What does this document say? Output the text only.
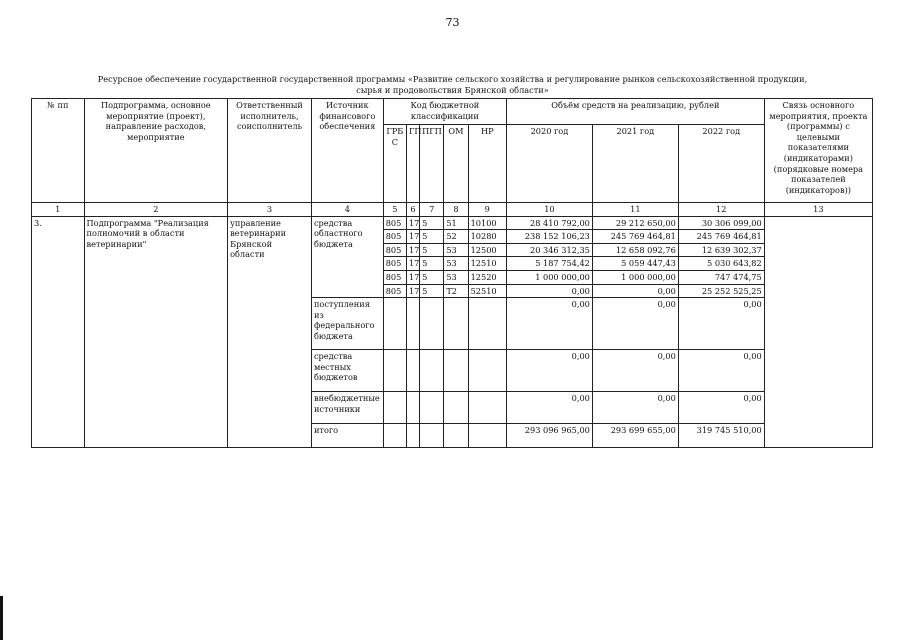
73
Ресурсное обеспечение государственной государственной программы «Развитие сельского хозяйства и регулирование рынков сельскохозяйственной продукции,
сырья и продовольствия Брянской области»
№ пп	Подпрограмма, основное мероприятие (проект), направление расходов, мероприятие	Ответственный исполнитель, соисполнитель	Источник финансового обеспечения	Код бюджетной классификации					Объём средств на реализацию, рублей			Связь основного мероприятия, проекта (программы) с целевыми показателями (индикаторами) (порядковые номера показателей (индикаторов))
				ГРБ С	ГП	ПГП	ОМ	НР	2020 год	2021 год	2022 год	
1	2	3	4	5	6	7	8	9	10	11	12	13
3.	Подпрограмма "Реализация полномочий в области ветеринарии"	управление ветеринарии Брянской области	средства областного бюджета	805	17	5	51	10100	28 410 792,00	29 212 650,00	30 306 099,00	
				805	17	5	52	10280	238 152 106,23	245 769 464,81	245 769 464,81	
				805	17	5	53	12500	20 346 312,35	12 658 092,76	12 639 302,37	
				805	17	5	53	12510	5 187 754,42	5 059 447,43	5 030 643,82	
				805	17	5	53	12520	1 000 000,00	1 000 000,00	747 474,75	
				805	17	5	T2	52510	0,00	0,00	25 252 525,25	
			поступления из федерального бюджета						0,00	0,00	0,00	
			средства местных бюджетов						0,00	0,00	0,00	
			внебюджетные источники						0,00	0,00	0,00	
			итого						293 096 965,00	293 699 655,00	319 745 510,00	
